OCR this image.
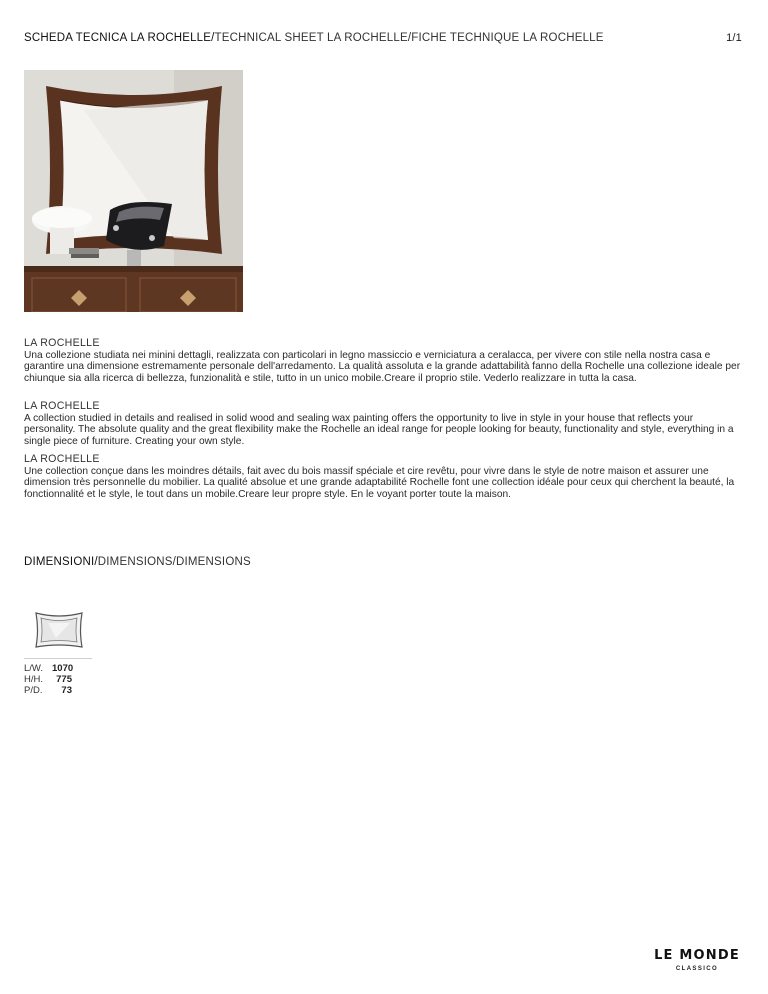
SCHEDA TECNICA LA ROCHELLE/TECHNICAL SHEET LA ROCHELLE/FICHE TECHNIQUE LA ROCHELLE	1/1
LA ROCHELLE
Una collezione studiata nei minini dettagli, realizzata con particolari in legno massiccio e verniciatura a ceralacca, per vivere con stile nella nostra casa e garantire una dimensione estremamente personale dell'arredamento. La qualità assoluta e la grande adattabilità fanno della Rochelle una collezione ideale per chiunque sia alla ricerca di bellezza, funzionalità e stile, tutto in un unico mobile.Creare il proprio stile. Vederlo realizzare in tutta la casa.
LA ROCHELLE
A collection studied in details and realised in solid wood and sealing wax painting offers the opportunity to live in style in your house that reflects your personality. The absolute quality and the great flexibility make the Rochelle an ideal range for people looking for beauty, functionality and style, everything in a single piece of furniture. Creating your own style.
LA ROCHELLE
Une collection conçue dans les moindres détails, fait avec du bois massif spéciale et cire revêtu, pour vivre dans le style de notre maison et assurer une dimension très personnelle du mobilier. La qualité absolue et une grande adaptabilité Rochelle font une collection idéale pour ceux qui cherchent la beauté, la fonctionnalité et le style, le tout dans un mobile.Creare leur propre style. En le voyant porter toute la maison.
DIMENSIONI/DIMENSIONS/DIMENSIONS
L/W. 1070
H/H.	775
P/D.	73
LE MONDE
CLASSICO
